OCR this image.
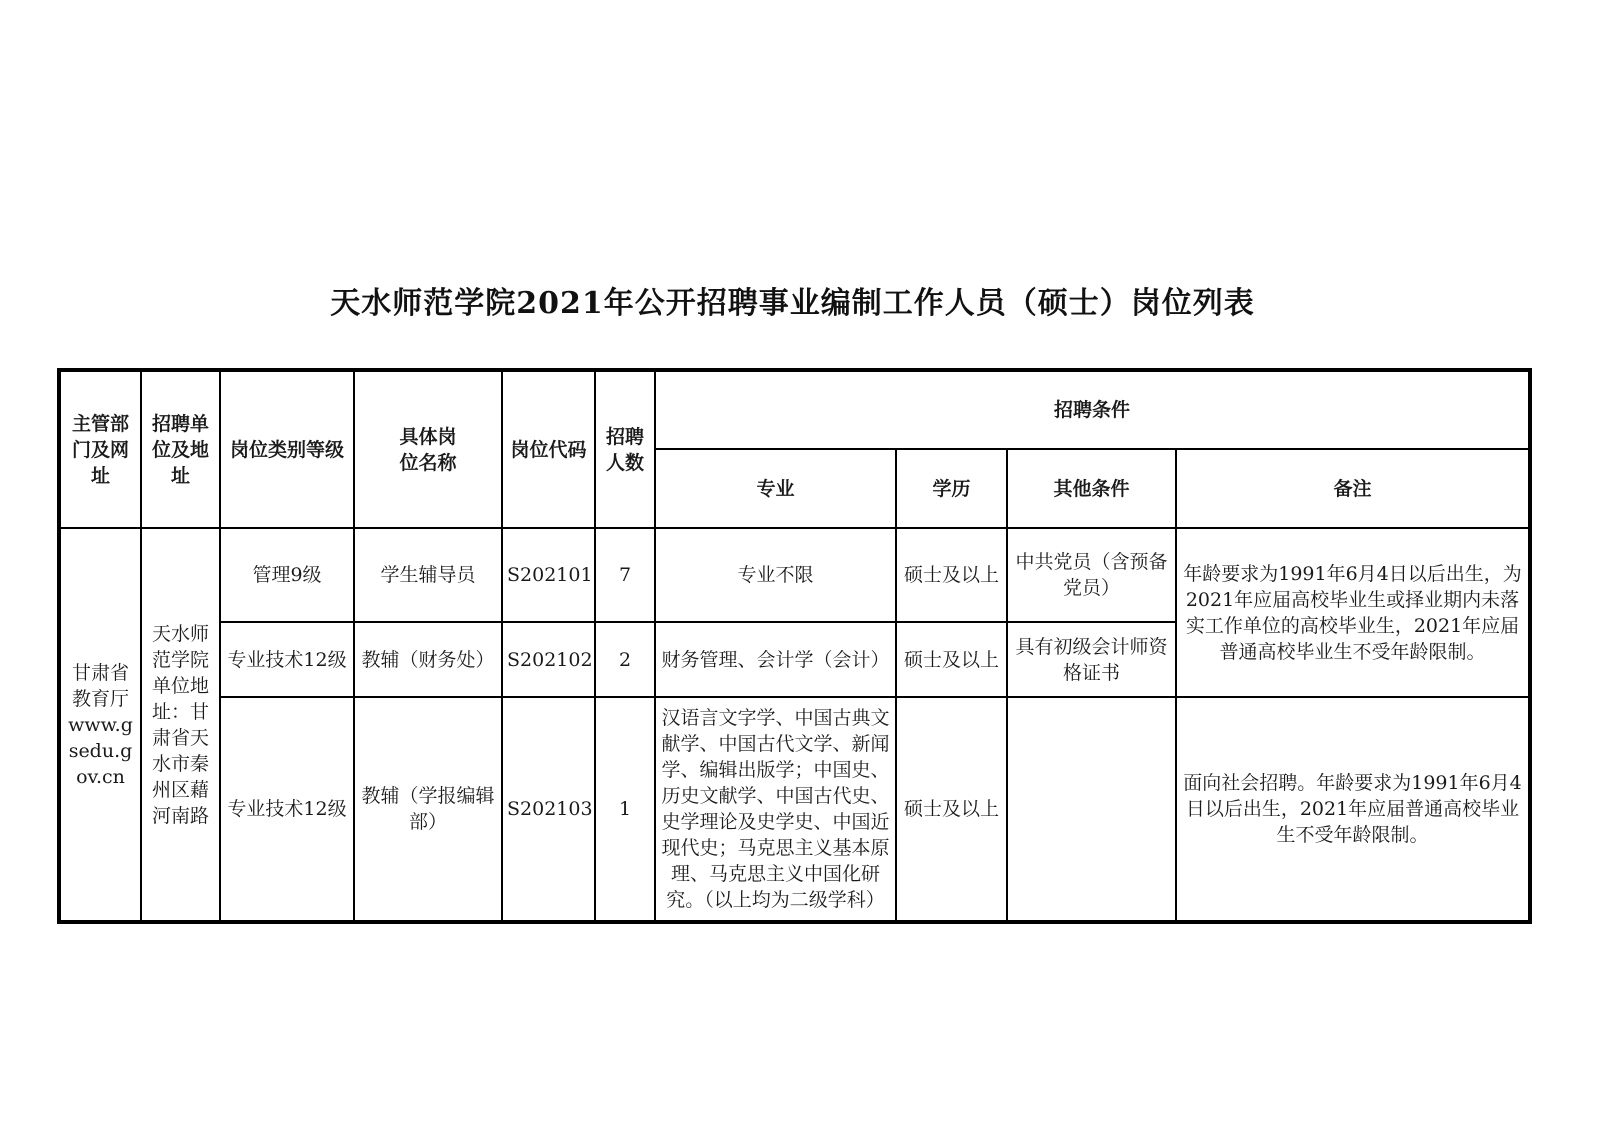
天水师范学院2021年公开招聘事业编制工作人员（硕士）岗位列表
主管部门及网址	招聘单位及地址	岗位类别等级	具体岗位名称	岗位代码	招聘人数	招聘条件			
						专业	学历	其他条件	备注
甘肃省教育厅www.gsedu.gov.cn	天水师范学院单位地址：甘肃省天水市秦州区藉河南路	管理9级	学生辅导员	S202101	7	专业不限	硕士及以上	中共党员（含预备党员）	年龄要求为1991年6月4日以后出生，为2021年应届高校毕业生或择业期内未落实工作单位的高校毕业生，2021年应届普通高校毕业生不受年龄限制。
		专业技术12级	教辅（财务处）	S202102	2	财务管理、会计学（会计）	硕士及以上	具有初级会计师资格证书	
		专业技术12级	教辅（学报编辑部）	S202103	1	汉语言文字学、中国古典文献学、中国古代文学、新闻学、编辑出版学；中国史、历史文献学、中国古代史、史学理论及史学史、中国近现代史；马克思主义基本原理、马克思主义中国化研究。（以上均为二级学科）	硕士及以上		面向社会招聘。年龄要求为1991年6月4日以后出生，2021年应届普通高校毕业生不受年龄限制。
